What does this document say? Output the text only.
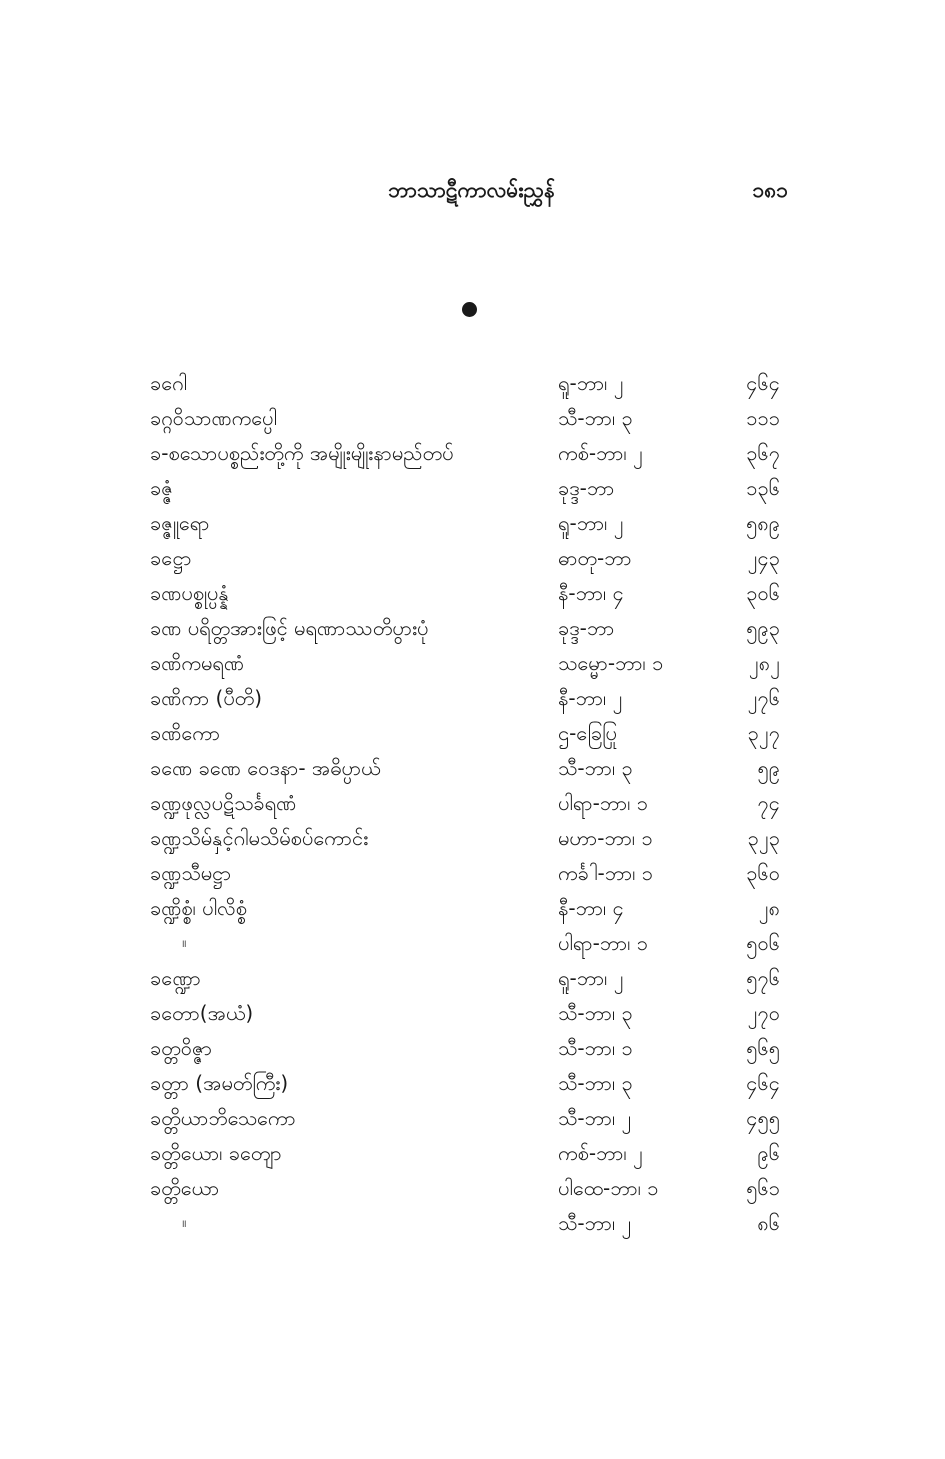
ဘာသာဋီကာလမ်းညွှန်	၁၈၁
ခဂေါ	ရူ-ဘာ၊ ၂	၄၆၄
ခဂ္ဂဝိသာဏကပ္ပေါ	သီ-ဘာ၊ ၃	၁၁၁
ခ-စသောပစ္စည်းတို့ကို အမျိုးမျိုးနာမည်တပ်	ကစ်-ဘာ၊ ၂	၃၆၇
ခဇ္ဇံ	ခုဒ္ဒ-ဘာ	၁၃၆
ခဇ္ဇူရော	ရူ-ဘာ၊ ၂	၅၈၉
ခဋ္ဌော	ဓာတု-ဘာ	၂၄၃
ခဏပစ္စုပ္ပန္နံ	နီ-ဘာ၊ ၄	၃၀၆
ခဏ ပရိတ္တအားဖြင့် မရဏာဿတိပွားပုံ	ခုဒ္ဒ-ဘာ	၅၉၃
ခဏိကမရဏံ	သမ္မော-ဘာ၊ ၁	၂၈၂
ခဏိကာ (ပီတိ)	နီ-ဘာ၊ ၂	၂၇၆
ခဏိကော	ဌ-ခြေပြု	၃၂၇
ခဏေ ခဏေ ဝေဒနာ- အဓိပ္ပာယ်	သီ-ဘာ၊ ၃	၅၉
ခဏ္ဍဖုလ္လပဋိသင်္ခရဏံ	ပါရာ-ဘာ၊ ၁	၇၄
ခဏ္ဍသိမ်နှင့်ဂါမသိမ်စပ်ကောင်း	မဟာ-ဘာ၊ ၁	၃၂၃
ခဏ္ဍသီမဋ္ဌာ	ကင်္ခါ-ဘာ၊ ၁	၃၆၀
ခဏ္ဍိစ္စံ၊ ပါလိစ္စံ	နီ-ဘာ၊ ၄	၂၈
။	ပါရာ-ဘာ၊ ၁	၅၀၆
ခဏ္ဍော	ရူ-ဘာ၊ ၂	၅၇၆
ခတော(အယံ)	သီ-ဘာ၊ ၃	၂၇၀
ခတ္တဝိဇ္ဇာ	သီ-ဘာ၊ ၁	၅၆၅
ခတ္တာ (အမတ်ကြီး)	သီ-ဘာ၊ ၃	၄၆၄
ခတ္တိယာဘိသေကော	သီ-ဘာ၊ ၂	၄၅၅
ခတ္တိယော၊ ခတျော	ကစ်-ဘာ၊ ၂	၉၆
ခတ္တိယော	ပါထေ-ဘာ၊ ၁	၅၆၁
။	သီ-ဘာ၊ ၂	၈၆
